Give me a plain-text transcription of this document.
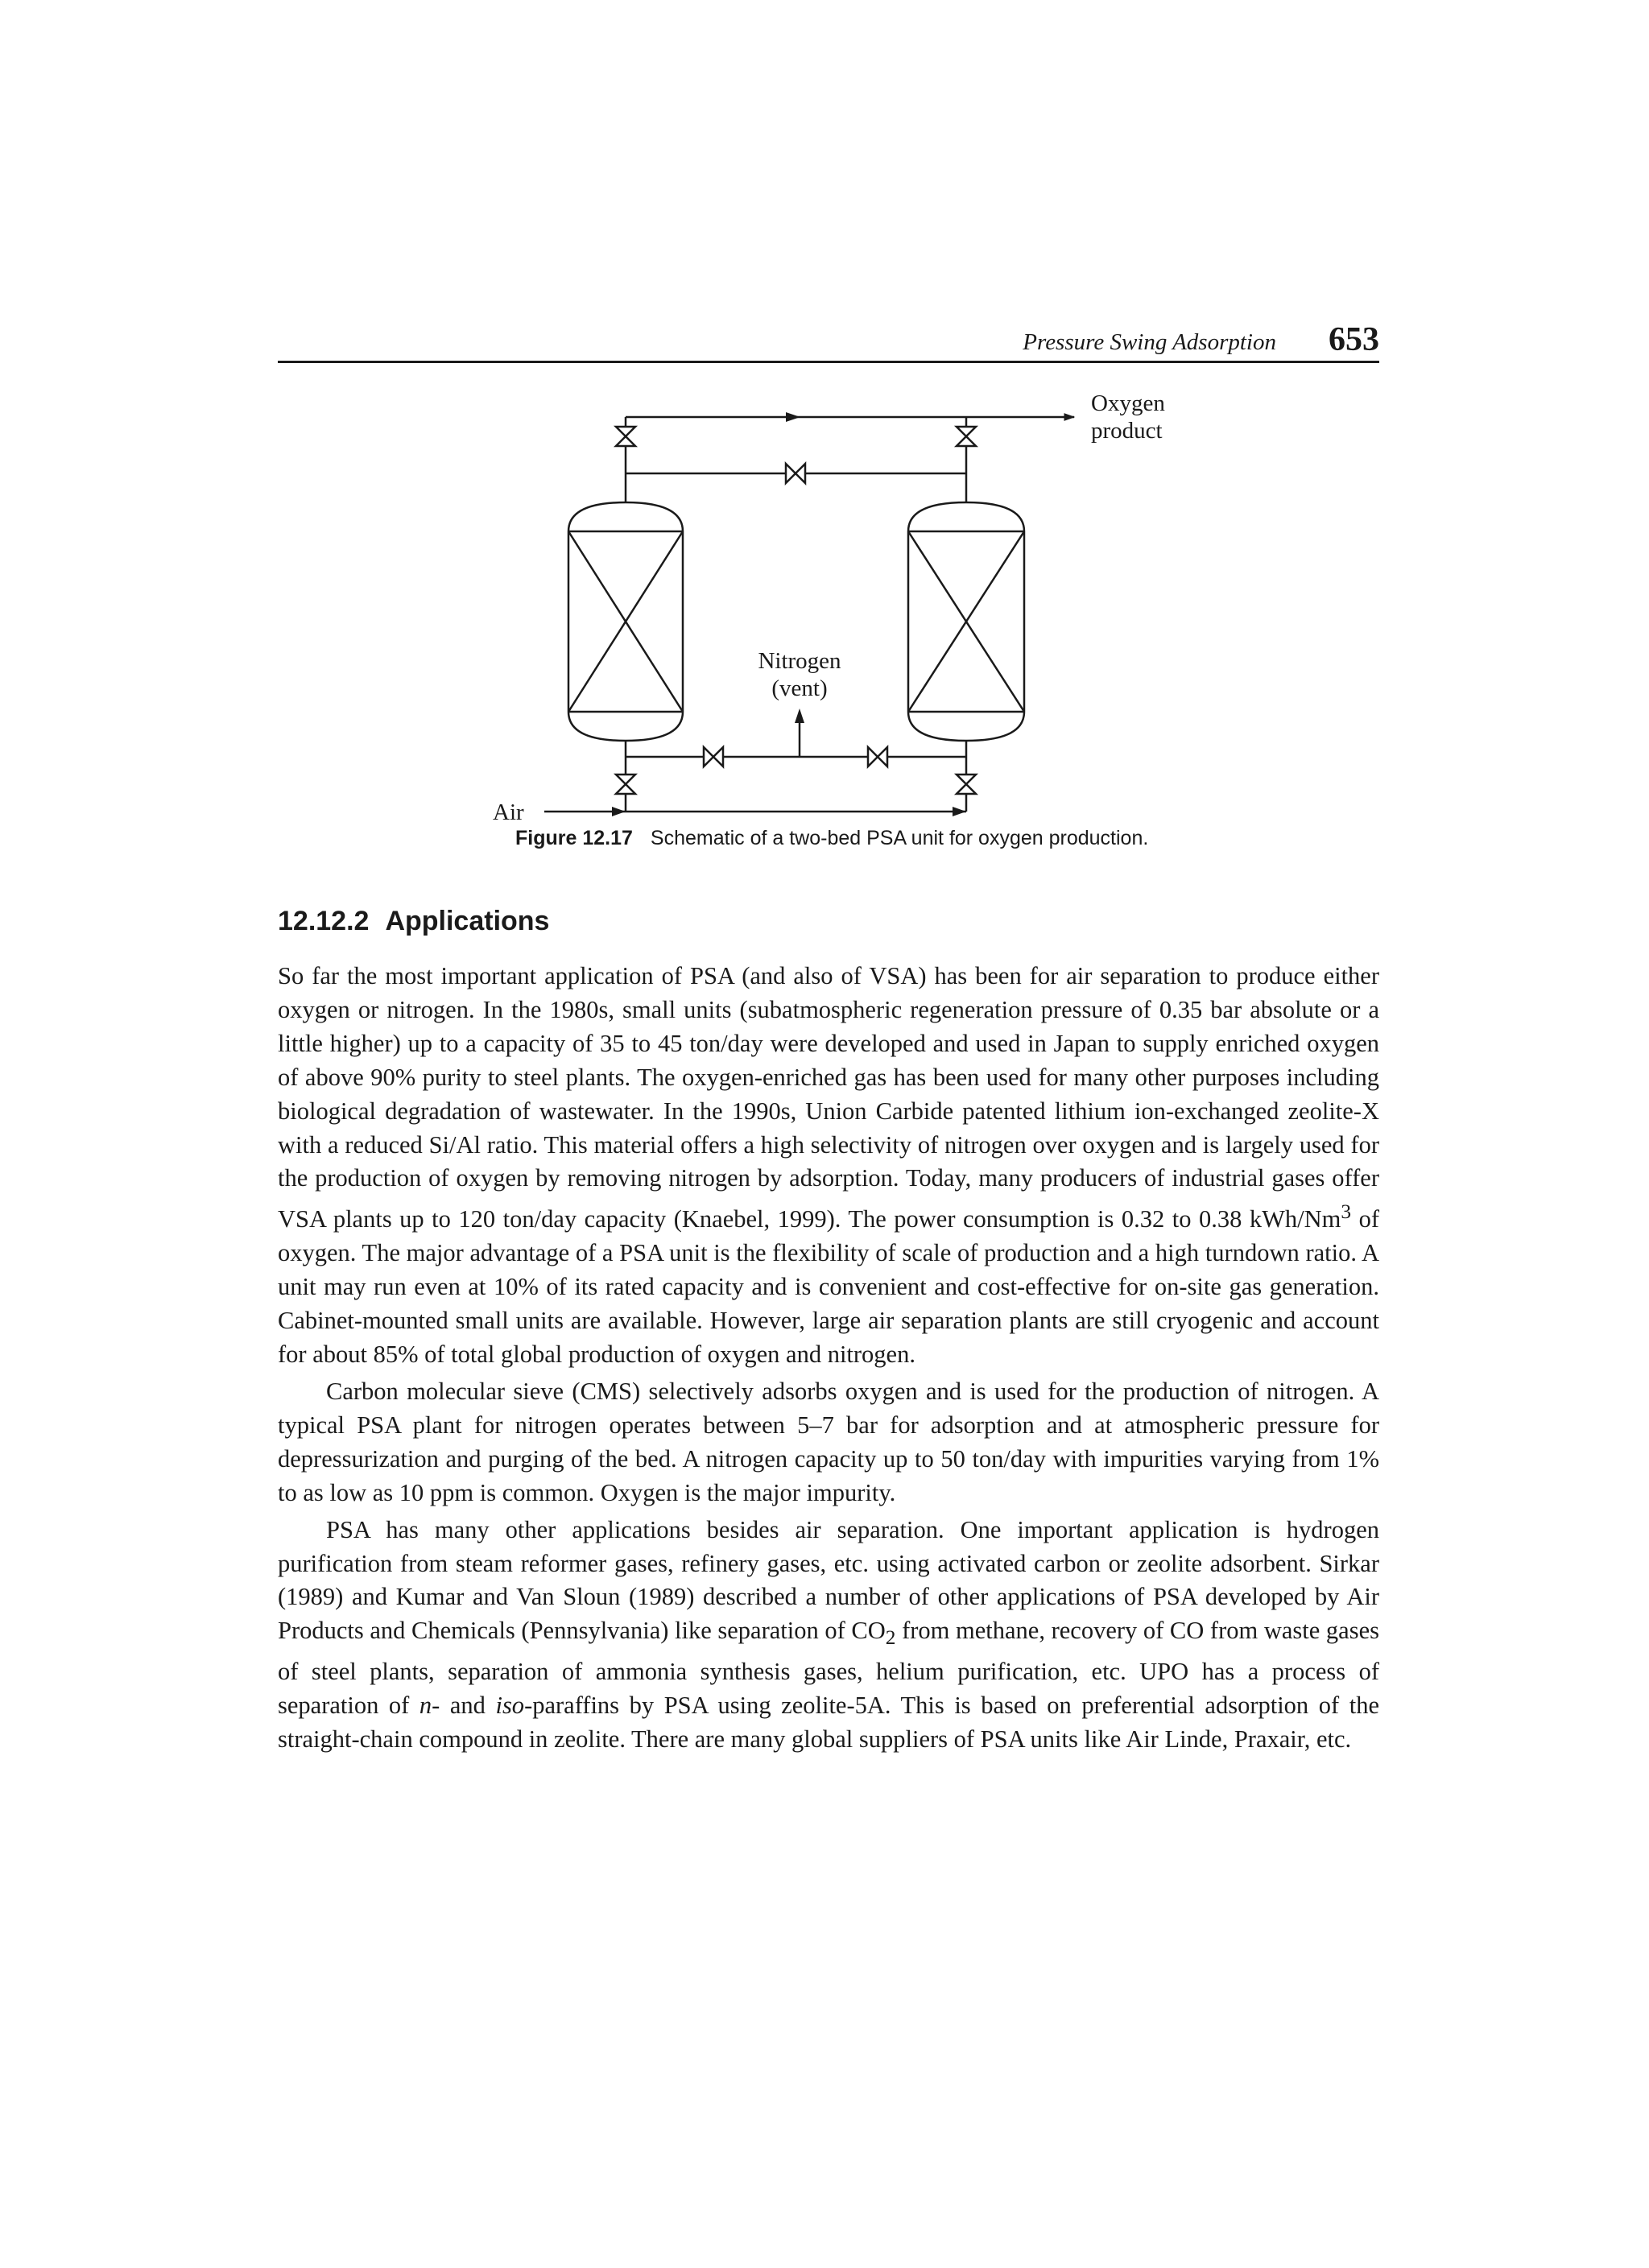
Pressure Swing Adsorption 653
Oxygen
product
Nitrogen
(vent)
Air
Figure 12.17 Schematic of a two-bed PSA unit for oxygen production.
12.12.2 Applications

So far the most important application of PSA (and also of VSA) has been for air separation to produce either oxygen or nitrogen. In the 1980s, small units (subatmospheric regeneration pressure of 0.35 bar absolute or a little higher) up to a capacity of 35 to 45 ton/day were developed and used in Japan to supply enriched oxygen of above 90% purity to steel plants. The oxygen-enriched gas has been used for many other purposes including biological degradation of wastewater. In the 1990s, Union Carbide patented lithium ion-exchanged zeolite-X with a reduced Si/Al ratio. This material offers a high selectivity of nitrogen over oxygen and is largely used for the production of oxygen by removing nitrogen by adsorption. Today, many producers of industrial gases offer VSA plants up to 120 ton/day capacity (Knaebel, 1999). The power consumption is 0.32 to 0.38 kWh/Nm$^3$ of oxygen. The major advantage of a PSA unit is the flexibility of scale of production and a high turndown ratio. A unit may run even at 10% of its rated capacity and is convenient and cost-effective for on-site gas generation. Cabinet-mounted small units are available. However, large air separation plants are still cryogenic and account for about 85% of total global production of oxygen and nitrogen.

Carbon molecular sieve (CMS) selectively adsorbs oxygen and is used for the production of nitrogen. A typical PSA plant for nitrogen operates between 5–7 bar for adsorption and at atmospheric pressure for depressurization and purging of the bed. A nitrogen capacity up to 50 ton/day with impurities varying from 1% to as low as 10 ppm is common. Oxygen is the major impurity.

PSA has many other applications besides air separation. One important application is hydrogen purification from steam reformer gases, refinery gases, etc. using activated carbon or zeolite adsorbent. Sirkar (1989) and Kumar and Van Sloun (1989) described a number of other applications of PSA developed by Air Products and Chemicals (Pennsylvania) like separation of $CO_2$ from methane, recovery of CO from waste gases of steel plants, separation of ammonia synthesis gases, helium purification, etc. UPO has a process of separation of n- and iso-paraffins by PSA using zeolite-5A. This is based on preferential adsorption of the straight-chain compound in zeolite. There are many global suppliers of PSA units like Air Linde, Praxair, etc.
